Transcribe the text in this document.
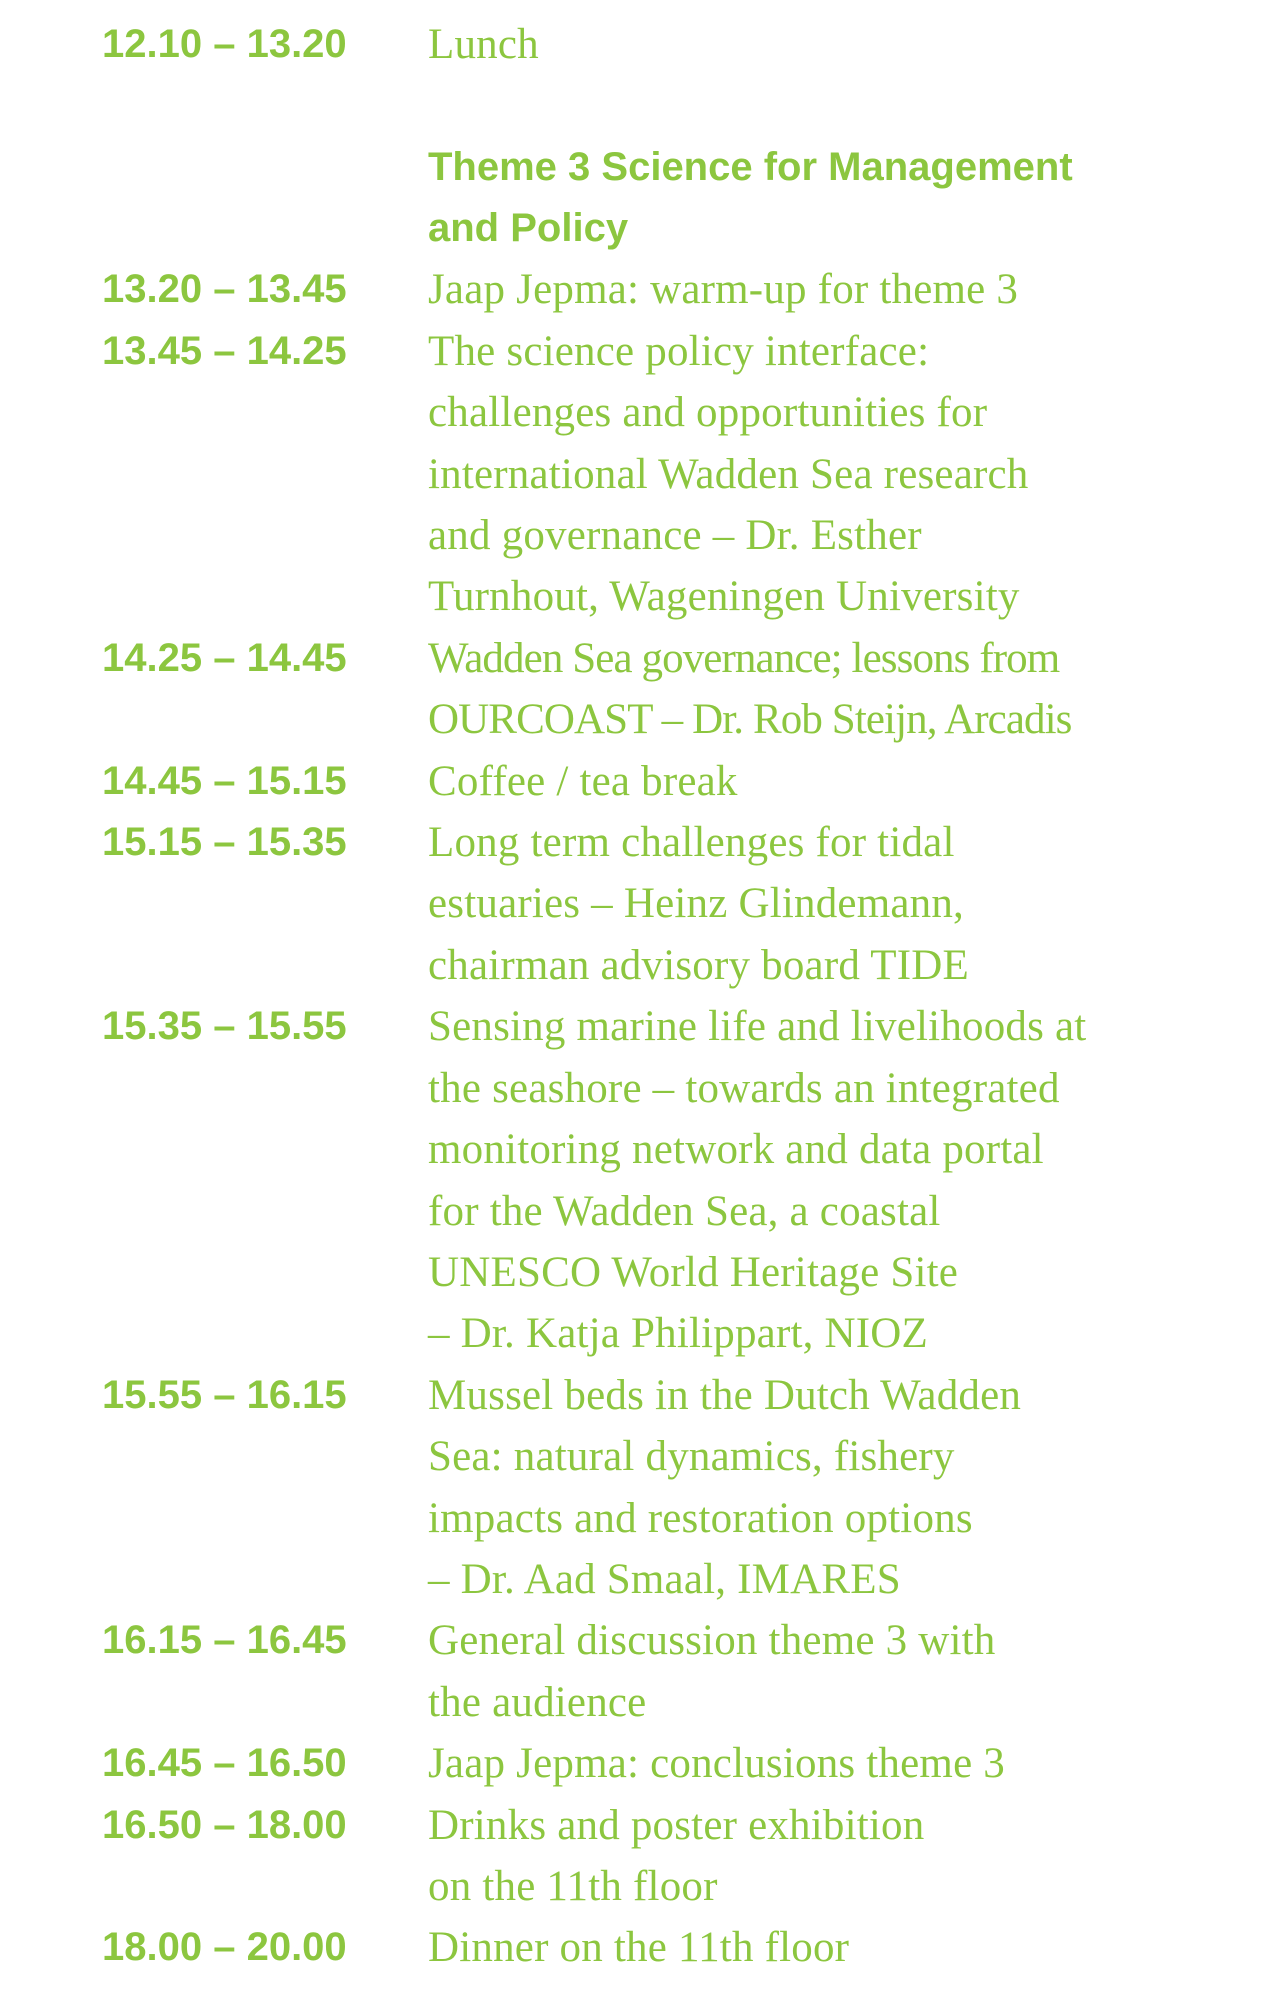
12.10 – 13.20	Lunch
Theme 3 Science for Management
and Policy
13.20 – 13.45	Jaap Jepma: warm-up for theme 3
13.45 – 14.25	The science policy interface:
challenges and opportunities for
international Wadden Sea research
and governance – Dr. Esther
Turnhout, Wageningen University
14.25 – 14.45	Wadden Sea governance; lessons from
OURCOAST – Dr. Rob Steijn, Arcadis
14.45 – 15.15	Coffee / tea break
15.15 – 15.35	Long term challenges for tidal
estuaries – Heinz Glindemann,
chairman advisory board TIDE
15.35 – 15.55	Sensing marine life and livelihoods at
the seashore – towards an integrated
monitoring network and data portal
for the Wadden Sea, a coastal
UNESCO World Heritage Site
– Dr. Katja Philippart, NIOZ
15.55 – 16.15	Mussel beds in the Dutch Wadden
Sea: natural dynamics, fishery
impacts and restoration options
– Dr. Aad Smaal, IMARES
16.15 – 16.45	General discussion theme 3 with
the audience
16.45 – 16.50	Jaap Jepma: conclusions theme 3
16.50 – 18.00	Drinks and poster exhibition
on the 11th floor
18.00 – 20.00	Dinner on the 11th floor
